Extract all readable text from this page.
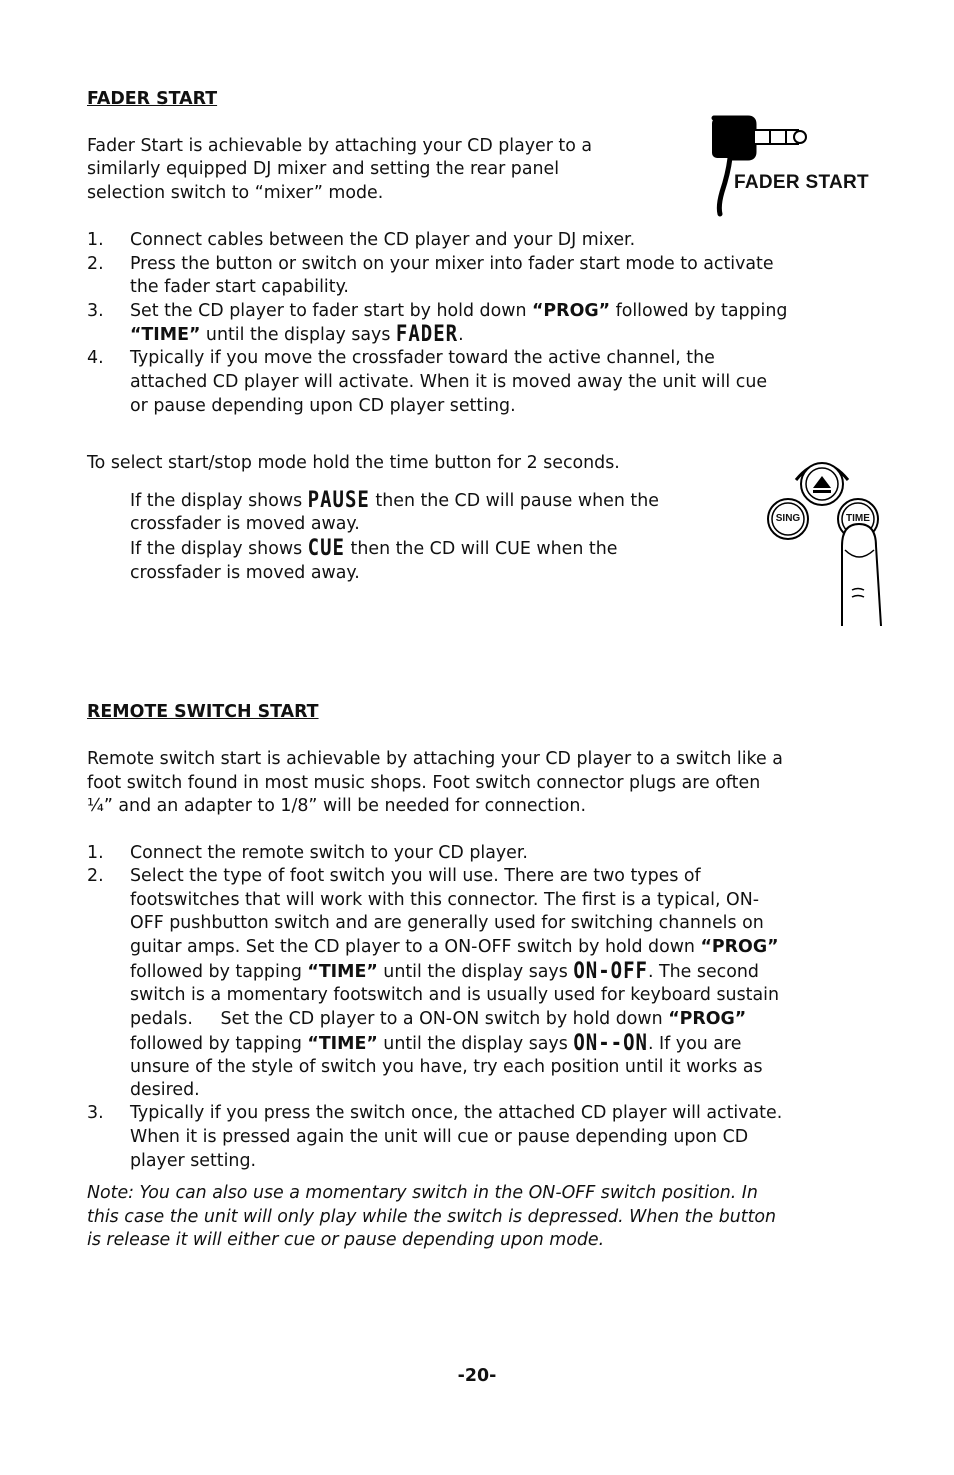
FADER START
Fader Start is achievable by attaching your CD player to a
similarly equipped DJ mixer and setting the rear panel
selection switch to “mixer” mode.	FADER START
1.	Connect cables between the CD player and your DJ mixer.
2.	Press the button or switch on your mixer into fader start mode to activate
the fader start capability.
3.	Set the CD player to fader start by hold down “PROG” followed by tapping
“TIME” until the display says FADER.
4.	Typically if you move the crossfader toward the active channel, the
attached CD player will activate. When it is moved away the unit will cue
or pause depending upon CD player setting.
To select start/stop mode hold the time button for 2 seconds.
If the display shows PAUSE then the CD will pause when the
crossfader is moved away.
If the display shows CUE then the CD will CUE when the
crossfader is moved away.
SING	TIME
REMOTE SWITCH START
Remote switch start is achievable by attaching your CD player to a switch like a
foot switch found in most music shops. Foot switch connector plugs are often
¼” and an adapter to 1/8” will be needed for connection.
1.	Connect the remote switch to your CD player.
2.	Select the type of foot switch you will use. There are two types of
footswitches that will work with this connector. The first is a typical, ON-
OFF pushbutton switch and are generally used for switching channels on
guitar amps. Set the CD player to a ON-OFF switch by hold down “PROG”
followed by tapping “TIME” until the display says ON-OFF. The second
switch is a momentary footswitch and is usually used for keyboard sustain
pedals.     Set the CD player to a ON-ON switch by hold down “PROG”
followed by tapping “TIME” until the display says ON--ON. If you are
unsure of the style of switch you have, try each position until it works as
desired.
3.	Typically if you press the switch once, the attached CD player will activate.
When it is pressed again the unit will cue or pause depending upon CD
player setting.
Note: You can also use a momentary switch in the ON-OFF switch position. In
this case the unit will only play while the switch is depressed. When the button
is release it will either cue or pause depending upon mode.
-20-
